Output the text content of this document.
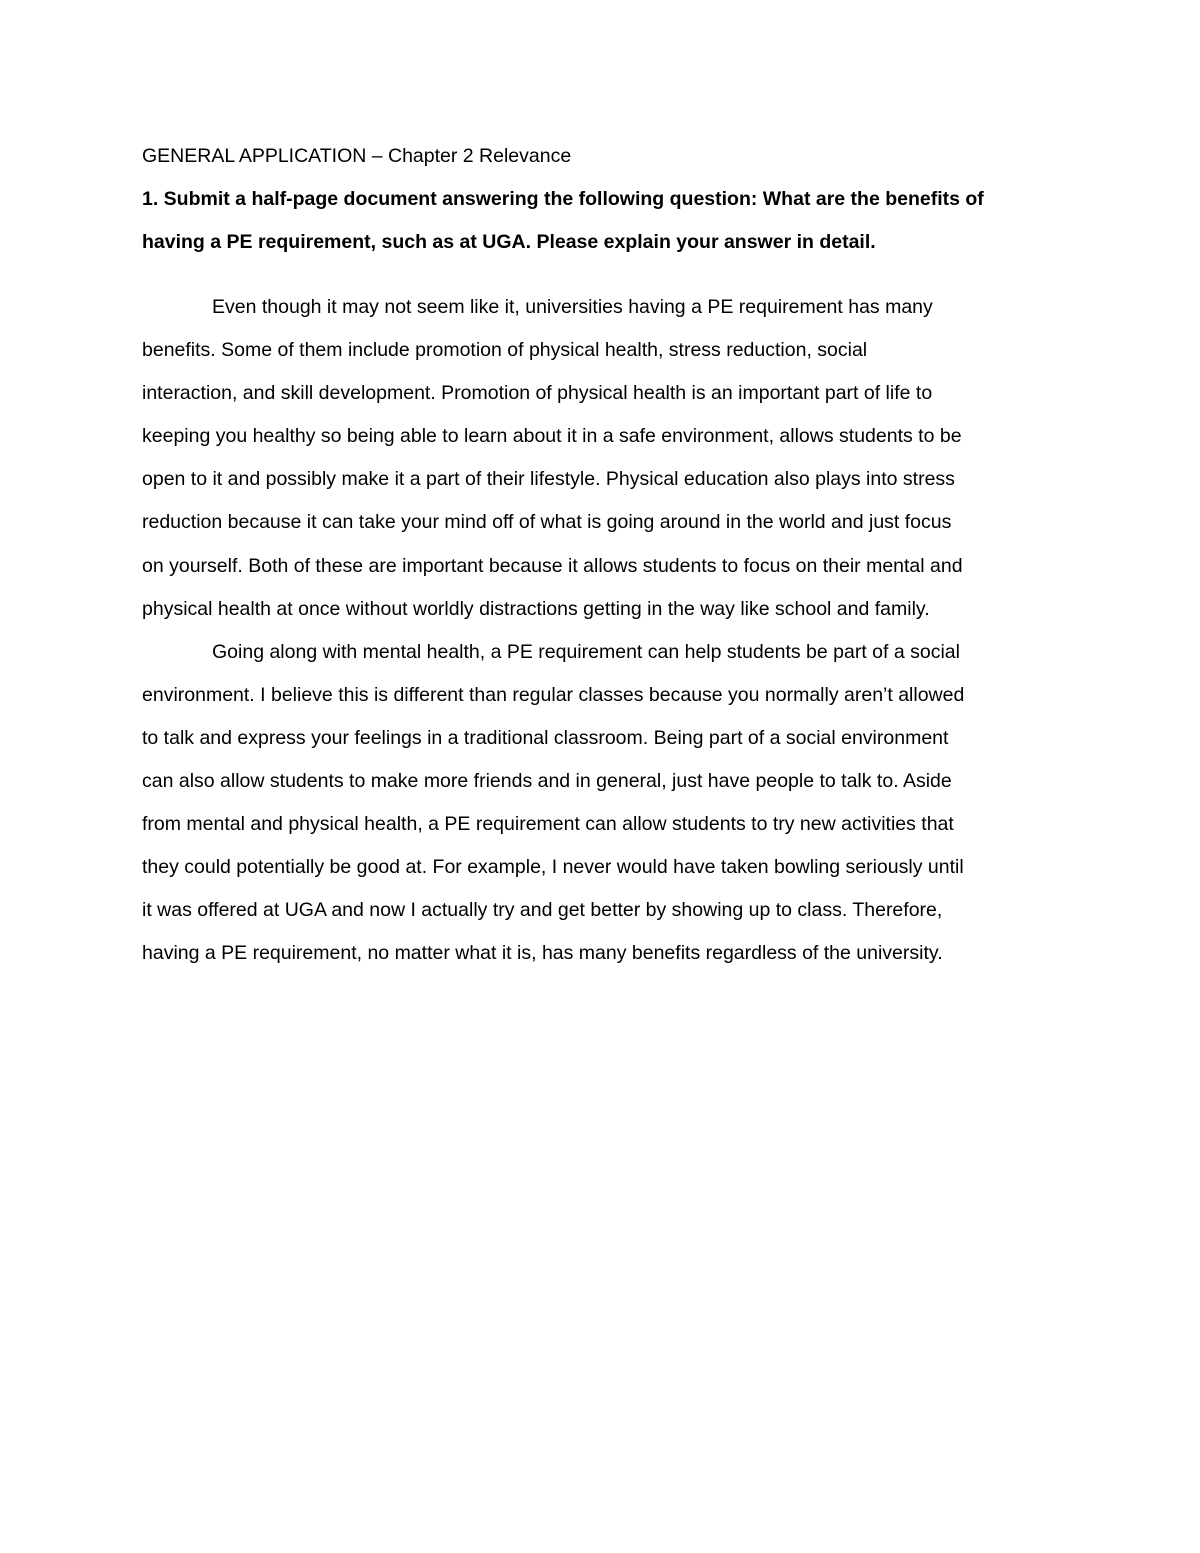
GENERAL APPLICATION – Chapter 2 Relevance
1. Submit a half-page document answering the following question: What are the benefits of
having a PE requirement, such as at UGA. Please explain your answer in detail.
Even though it may not seem like it, universities having a PE requirement has many
benefits. Some of them include promotion of physical health, stress reduction, social
interaction, and skill development. Promotion of physical health is an important part of life to
keeping you healthy so being able to learn about it in a safe environment, allows students to be
open to it and possibly make it a part of their lifestyle. Physical education also plays into stress
reduction because it can take your mind off of what is going around in the world and just focus
on yourself. Both of these are important because it allows students to focus on their mental and
physical health at once without worldly distractions getting in the way like school and family.
Going along with mental health, a PE requirement can help students be part of a social
environment. I believe this is different than regular classes because you normally aren’t allowed
to talk and express your feelings in a traditional classroom. Being part of a social environment
can also allow students to make more friends and in general, just have people to talk to. Aside
from mental and physical health, a PE requirement can allow students to try new activities that
they could potentially be good at. For example, I never would have taken bowling seriously until
it was offered at UGA and now I actually try and get better by showing up to class. Therefore,
having a PE requirement, no matter what it is, has many benefits regardless of the university.
